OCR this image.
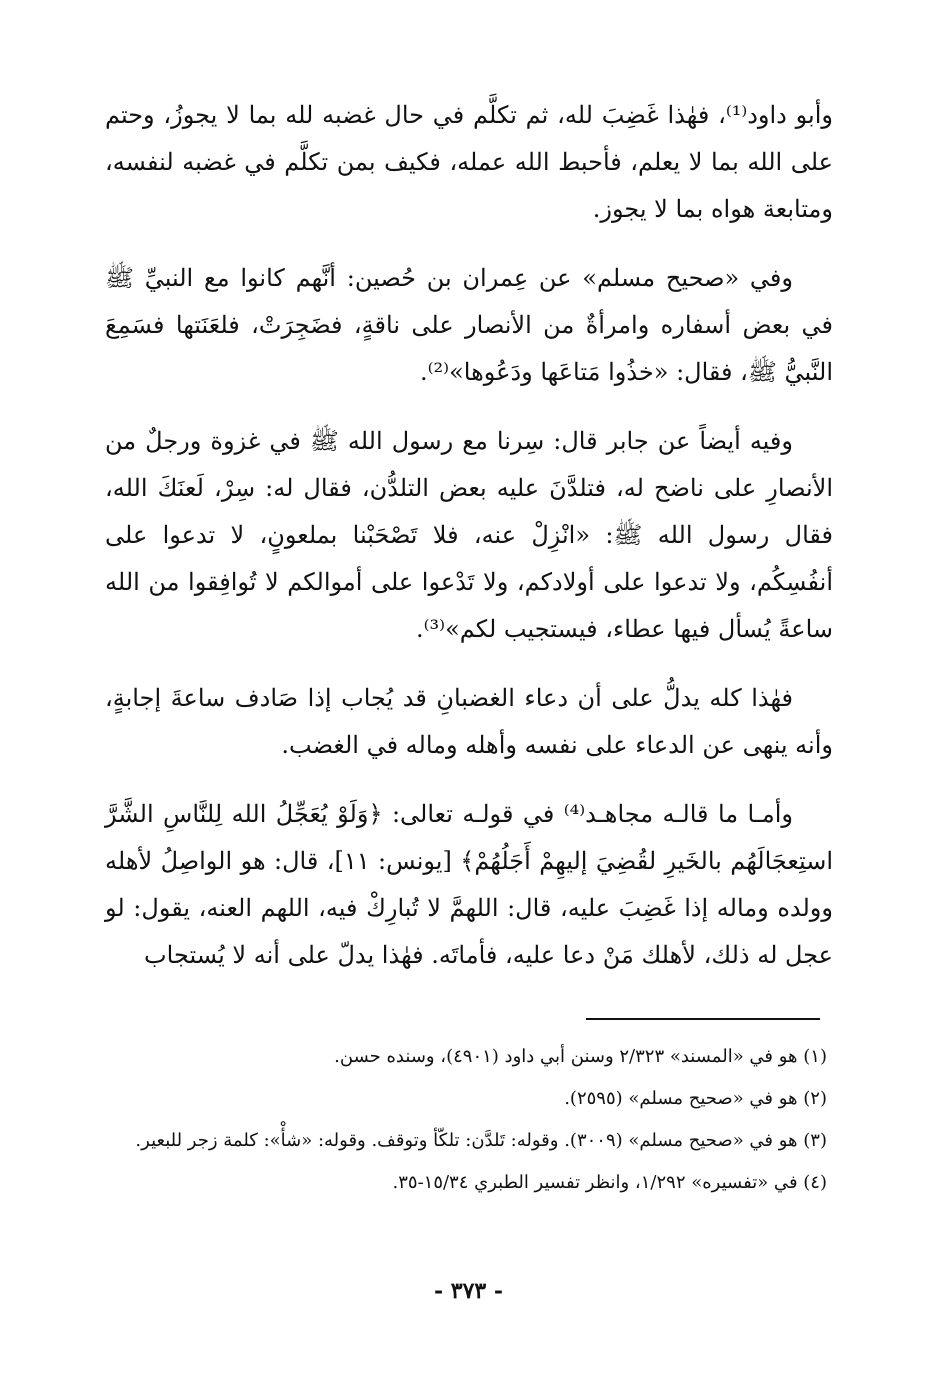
وأبو داود⁽¹⁾، فهٰذا غَضِبَ لله، ثم تكلَّم في حال غضبه لله بما لا يجوزُ، وحتم على الله بما لا يعلم، فأحبط الله عمله، فكيف بمن تكلَّم في غضبه لنفسه، ومتابعة هواه بما لا يجوز.

وفي «صحيح مسلم» عن عِمران بن حُصين: أنَّهم كانوا مع النبيِّ ﷺ في بعض أسفاره وامرأةٌ من الأنصار على ناقةٍ، فضَجِرَتْ، فلعَنَتها فسَمِعَ النَّبيُّ ﷺ، فقال: «خذُوا مَتاعَها ودَعُوها»⁽²⁾.

وفيه أيضاً عن جابر قال: سِرنا مع رسول الله ﷺ في غزوة ورجلٌ من الأنصارِ على ناضح له، فتلدَّنَ عليه بعض التلدُّن، فقال له: سِرْ، لَعنَكَ الله، فقال رسول الله ﷺ: «انْزِلْ عنه، فلا تَصْحَبْنا بملعونٍ، لا تدعوا على أنفُسِكُم، ولا تدعوا على أولادكم، ولا تَدْعوا على أموالكم لا تُوافِقوا من الله ساعةً يُسأل فيها عطاء، فيستجيب لكم»⁽³⁾.

فهٰذا كله يدلُّ على أن دعاء الغضبانِ قد يُجاب إذا صَادف ساعةَ إجابةٍ، وأنه ينهى عن الدعاء على نفسه وأهله وماله في الغضب.

وأمـا ما قالـه مجاهـد⁽⁴⁾ في قولـه تعالى: ﴿وَلَوْ يُعَجِّلُ الله لِلنَّاسِ الشَّرَّ استِعجَالَهُم بالخَيرِ لقُضِيَ إليهِمْ أَجَلُهُمْ﴾ [يونس: ١١]، قال: هو الواصِلُ لأهله وولده وماله إذا غَضِبَ عليه، قال: اللهمَّ لا تُبارِكْ فيه، اللهم العنه، يقول: لو عجل له ذلك، لأهلك مَنْ دعا عليه، فأماتَه. فهٰذا يدلّ على أنه لا يُستجاب

(١) هو في «المسند» ٢/٣٢٣ وسنن أبي داود (٤٩٠١)، وسنده حسن.

(٢) هو في «صحيح مسلم» (٢٥٩٥).

(٣) هو في «صحيح مسلم» (٣٠٠٩). وقوله: تَلدَّن: تلكّأ وتوقف. وقوله: «شأْ»: كلمة زجر للبعير.

(٤) في «تفسيره» ١/٢٩٢، وانظر تفسير الطبري ١٥/٣٤-٣٥.

- ٣٧٣ -
